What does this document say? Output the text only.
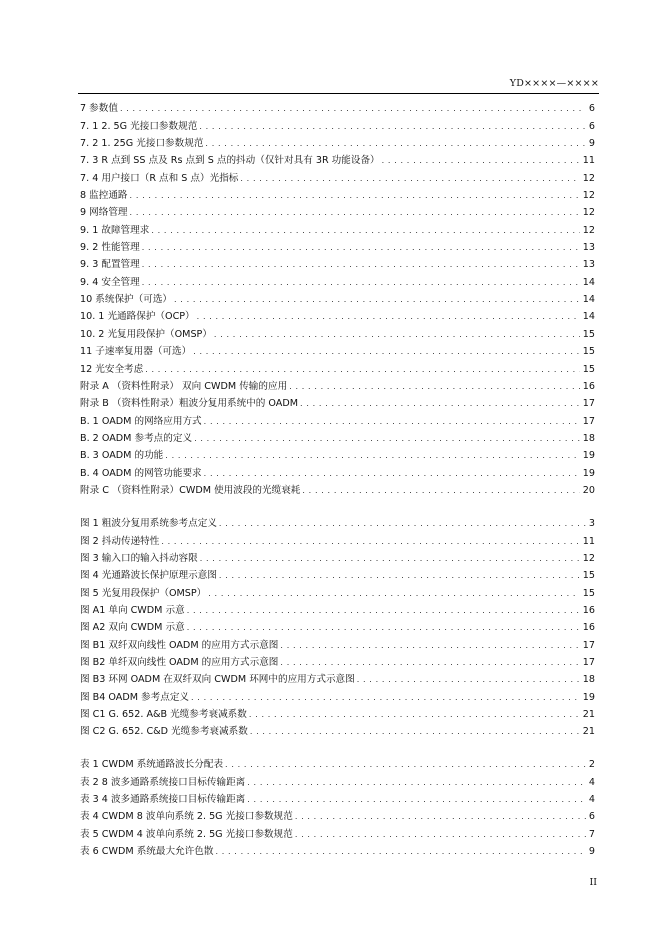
YD××××—××××
7 参数值 . . .	6
7. 1 2. 5G 光接口参数规范 . . .	6
7. 2 1. 25G 光接口参数规范 . . .	9
7. 3 R 点到 SS 点及 Rs 点到 S 点的抖动（仅针对具有 3R 功能设备） . . .	11
7. 4 用户接口（R 点和 S 点）光指标 . . .	12
8 监控通路 . . .	12
9 网络管理 . . .	12
9. 1 故障管理求 . . .	12
9. 2 性能管理 . . .	13
9. 3 配置管理 . . .	13
9. 4 安全管理 . . .	14
10 系统保护（可选） . . .	14
10. 1 光通路保护（OCP） . . .	14
10. 2 光复用段保护（OMSP） . . .	15
11 子速率复用器（可选） . . .	15
12 光安全考虑 . . .	15
附录 A （资料性附录） 双向 CWDM 传输的应用 . . .	16
附录 B （资料性附录）粗波分复用系统中的 OADM . . .	17
B. 1 OADM 的网络应用方式 . . .	17
B. 2 OADM 参考点的定义 . . .	18
B. 3 OADM 的功能 . . .	19
B. 4 OADM 的网管功能要求 . . .	19
附录 C （资料性附录）CWDM 使用波段的光缆衰耗 . . .	20
图 1 粗波分复用系统参考点定义 . . .	3
图 2 抖动传递特性 . . .	11
图 3 输入口的输入抖动容限 . . .	12
图 4 光通路波长保护原理示意图 . . .	15
图 5 光复用段保护（OMSP） . . .	15
图 A1 单向 CWDM 示意 . . .	16
图 A2 双向 CWDM 示意 . . .	16
图 B1 双纤双向线性 OADM 的应用方式示意图 . . .	17
图 B2 单纤双向线性 OADM 的应用方式示意图 . . .	17
图 B3 环网 OADM 在双纤双向 CWDM 环网中的应用方式示意图 . . .	18
图 B4 OADM 参考点定义 . . .	19
图 C1 G. 652. A&B 光缆参考衰减系数 . . .	21
图 C2 G. 652. C&D 光缆参考衰减系数 . . .	21
表 1 CWDM 系统通路波长分配表 . . .	2
表 2 8 波多通路系统接口目标传输距离 . . .	4
表 3 4 波多通路系统接口目标传输距离 . . .	4
表 4 CWDM 8 波单向系统 2. 5G 光接口参数规范 . . .	6
表 5 CWDM 4 波单向系统 2. 5G 光接口参数规范 . . .	7
表 6 CWDM 系统最大允许色散 . . .	9
II
